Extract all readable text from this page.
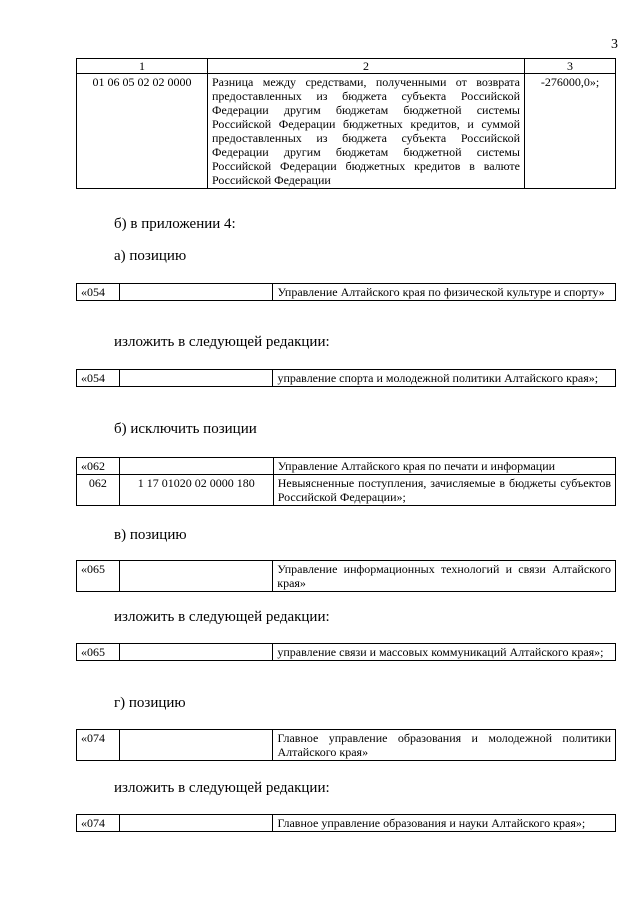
3
1	2	3
01 06 05 02 02 0000	Разница между средствами, полученными от возврата предоставленных из бюджета субъекта Российской Федерации другим бюджетам бюджетной системы Российской Федерации бюджетных кредитов, и суммой предоставленных из бюджета субъекта Российской Федерации другим бюджетам бюджетной системы Российской Федерации бюджетных кредитов в валюте Российской Федерации	-276000,0»;
б) в приложении 4:
а) позицию
«054		Управление Алтайского края по физической культуре и спорту»
изложить в следующей редакции:
«054		управление спорта и молодежной политики Алтайского края»;
б) исключить позиции
«062		Управление Алтайского края по печати и информации
062	1 17 01020 02 0000 180	Невыясненные поступления, зачисляемые в бюджеты субъектов Российской Федерации»;
в) позицию
«065		Управление информационных технологий и связи Алтайского края»
изложить в следующей редакции:
«065		управление связи и массовых коммуникаций Алтайского края»;
г) позицию
«074		Главное управление образования и молодежной политики Алтайского края»
изложить в следующей редакции:
«074		Главное управление образования и науки Алтайского края»;
